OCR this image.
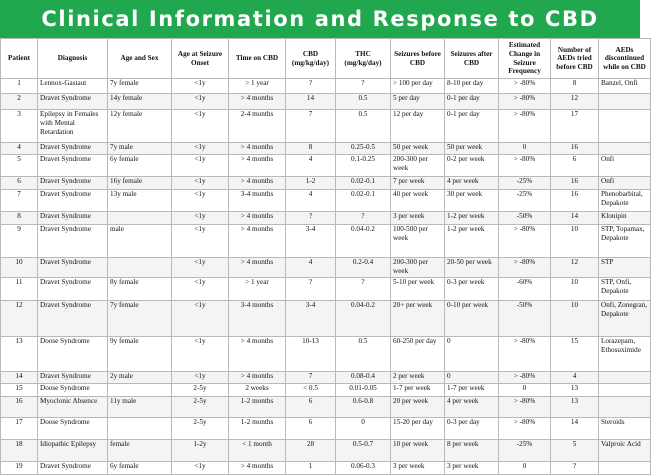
Clinical Information and Response to CBD
Patient	Diagnosis	Age and Sex	Age at Seizure Onset	Time on CBD	CBD (mg/kg/day)	THC (mg/kg/day)	Seizures before CBD	Seizures after CBD	Estimated Change in Seizure Frequency	Number of AEDs tried before CBD	AEDs discontinued while on CBD
1	Lennox-Gastaut	7y female	<1y	> 1 year	?	?	> 100 per day	8-10 per day	> -80%	8	Banzel, Onfi
2	Dravet Syndrome	14y female	<1y	> 4 months	14	0.5	5 per day	0-1 per day	> -80%	12	
3	Epilepsy in Females with Mental Retardation	12y female	<1y	2-4 months	7	0.5	12 per day	0-1 per day	> -80%	17	
4	Dravet Syndrome	7y male	<1y	> 4 months	8	0.25-0.5	50 per week	50 per week	0	16	
5	Dravet Syndrome	6y female	<1y	> 4 months	4	0.1-0.25	200-300 per week	0-2 per week	> -80%	6	Onfi
6	Dravet Syndrome	16y female	<1y	> 4 months	1-2	0.02-0.1	7 per week	4 per week	-25%	16	Onfi
7	Dravet Syndrome	13y male	<1y	3-4 months	4	0.02-0.1	40 per week	30 per week	-25%	16	Phenobarbital, Depakote
8	Dravet Syndrome		<1y	> 4 months	?	?	3 per week	1-2 per week	-50%	14	Klonipin
9	Dravet Syndrome	male	<1y	> 4 months	3-4	0.04-0.2	100-500 per week	1-2 per week	> -80%	10	STP, Topamax, Depakote
10	Dravet Syndrome		<1y	> 4 months	4	0.2-0.4	200-300 per week	20-50 per week	> -80%	12	STP
11	Dravet Syndrome	8y female	<1y	> 1 year	?	?	5-10 per week	0-3 per week	-60%	10	STP, Onfi, Depakote
12	Dravet Syndrome	7y female	<1y	3-4 months	3-4	0.04-0.2	20+ per week	0-10 per week	-50%	10	Onfi, Zonegran, Depakote
13	Doose Syndrome	9y female	<1y	> 4 months	10-13	0.5	60-250 per day	0	> -80%	15	Lorazepam, Ethosuximide
14	Dravet Syndrome	2y male	<1y	> 4 months	7	0.08-0.4	2 per week	0	> -80%	4	
15	Doose Syndrome		2-5y	2 weeks	< 0.5	0.01-0.05	1-7 per week	1-7 per week	0	13	
16	Myoclonic Absence	11y male	2-5y	1-2 months	6	0.6-0.8	20 per week	4 per week	> -80%	13	
17	Doose Syndrome		2-5y	1-2 months	6	0	15-20 per day	0-3 per day	> -80%	14	Steroids
18	Idiopathic Epilepsy	female	1-2y	< 1 month	28	0.5-0.7	10 per week	8 per week	-25%	5	Valproic Acid
19	Dravet Syndrome	6y female	<1y	> 4 months	1	0.06-0.3	3 per week	3 per week	0	?	
